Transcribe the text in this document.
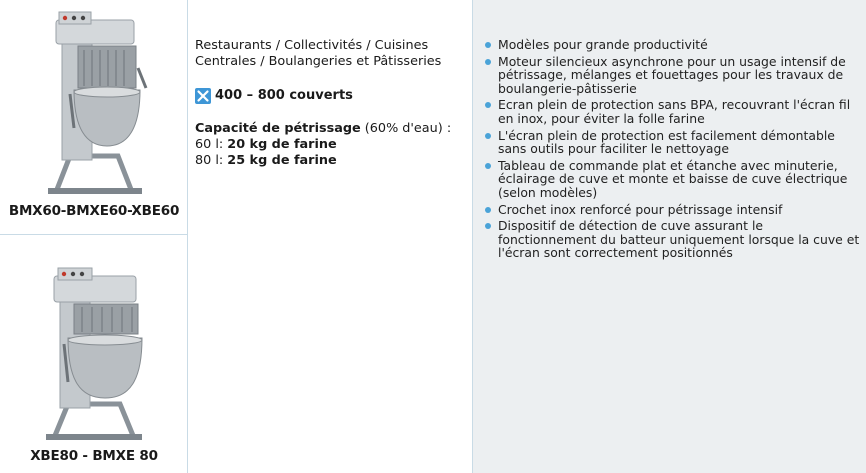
BMX60-BMXE60-XBE60
XBE80 - BMXE 80

Restaurants / Collectivités / Cuisines
Centrales / Boulangeries et Pâtisseries

400 – 800 couverts
Capacité de pétrissage (60% d'eau) :
60 l: 20 kg de farine
80 l: 25 kg de farine
Modèles pour grande productivité
Moteur silencieux asynchrone pour un usage intensif de pétrissage, mélanges et fouettages pour les travaux de boulangerie-pâtisserie
Ecran plein de protection sans BPA, recouvrant l'écran fil en inox, pour éviter la folle farine
L'écran plein de protection est facilement démontable sans outils pour faciliter le nettoyage
Tableau de commande plat et étanche avec minuterie, éclairage de cuve et monte et baisse de cuve électrique (selon modèles)
Crochet inox renforcé pour pétrissage intensif
Dispositif de détection de cuve assurant le fonctionnement du batteur uniquement lorsque la cuve et l'écran sont correctement positionnés
